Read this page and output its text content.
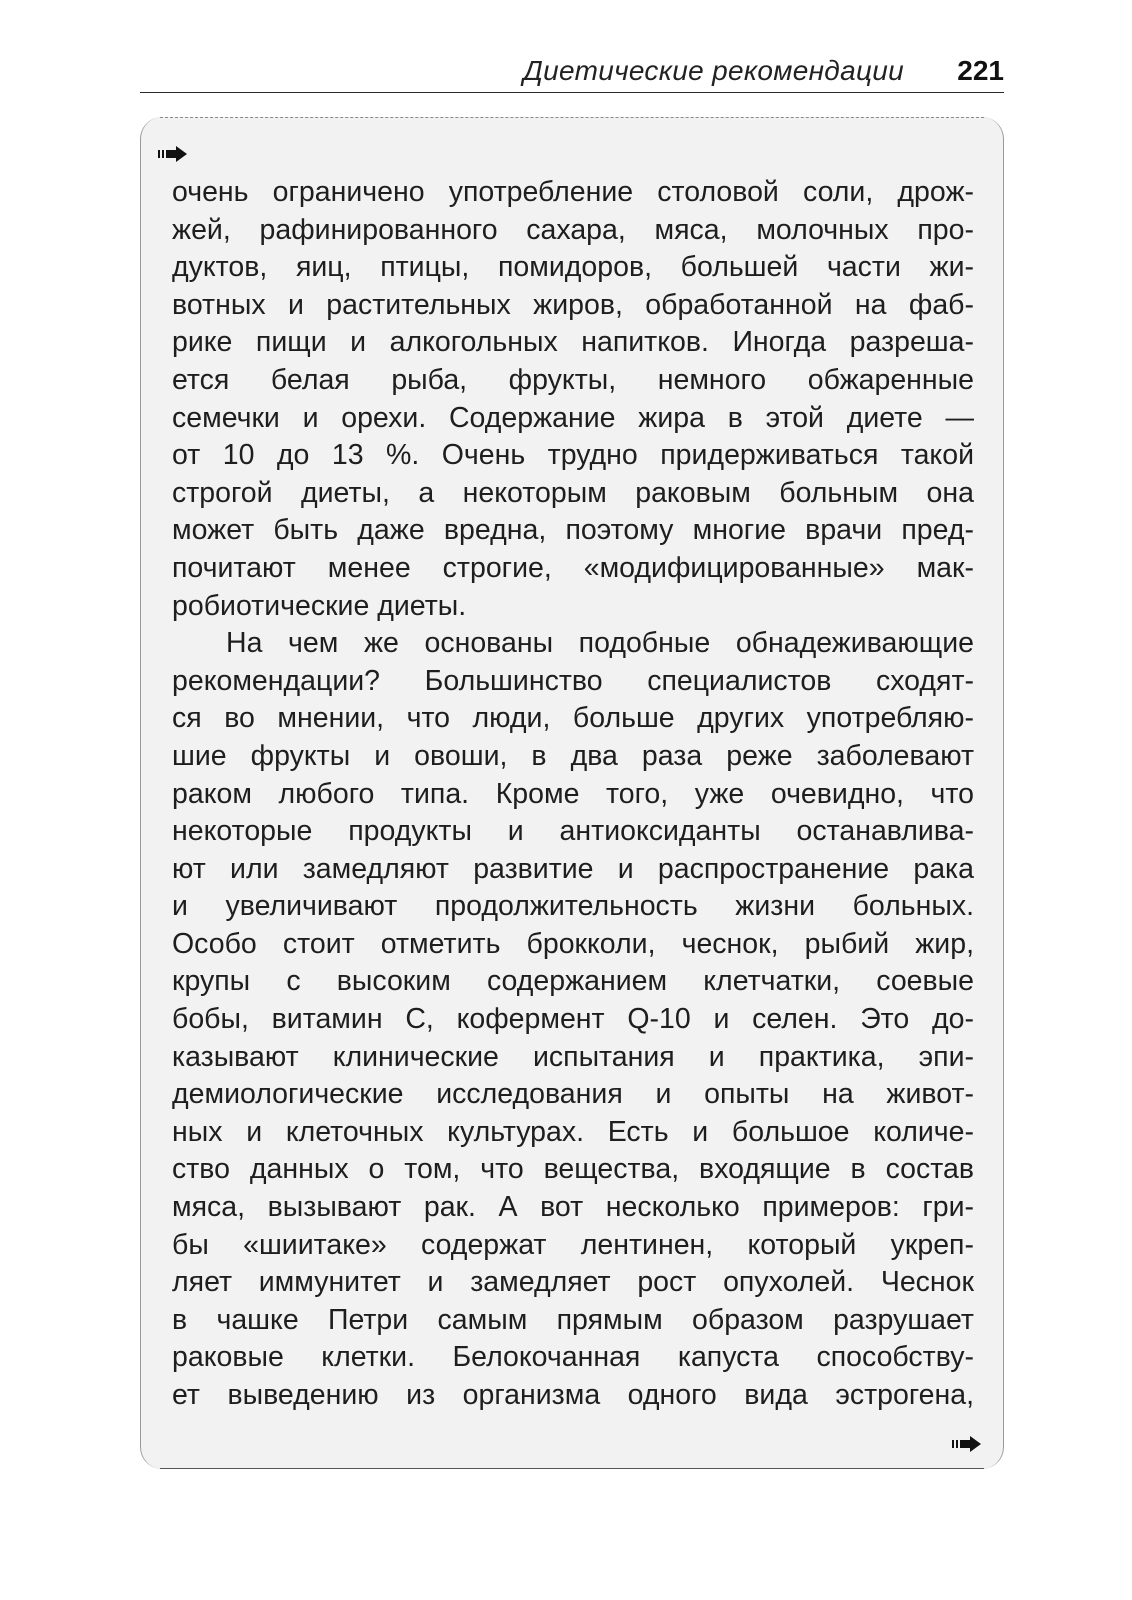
Диетические рекомендации 221
очень ограничено употребление столовой соли, дрож-
жей, рафинированного сахара, мяса, молочных про-
дуктов, яиц, птицы, помидоров, большей части жи-
вотных и растительных жиров, обработанной на фаб-
рике пищи и алкогольных напитков. Иногда разреша-
ется белая рыба, фрукты, немного обжаренные
семечки и орехи. Содержание жира в этой диете —
от 10 до 13 %. Очень трудно придерживаться такой
строгой диеты, а некоторым раковым больным она
может быть даже вредна, поэтому многие врачи пред-
почитают менее строгие, «модифицированные» мак-
робиотические диеты.
На чем же основаны подобные обнадеживающие
рекомендации? Большинство специалистов сходят-
ся во мнении, что люди, больше других употребляю-
шие фрукты и овоши, в два раза реже заболевают
раком любого типа. Кроме того, уже очевидно, что
некоторые продукты и антиоксиданты останавлива-
ют или замедляют развитие и распространение рака
и увеличивают продолжительность жизни больных.
Особо стоит отметить брокколи, чеснок, рыбий жир,
крупы с высоким содержанием клетчатки, соевые
бобы, витамин С, кофермент Q-10 и селен. Это до-
казывают клинические испытания и практика, эпи-
демиологические исследования и опыты на живот-
ных и клеточных культурах. Есть и большое количе-
ство данных о том, что вещества, входящие в состав
мяса, вызывают рак. А вот несколько примеров: гри-
бы «шиитаке» содержат лентинен, который укреп-
ляет иммунитет и замедляет рост опухолей. Чеснок
в чашке Петри самым прямым образом разрушает
раковые клетки. Белокочанная капуста способству-
ет выведению из организма одного вида эстрогена,
